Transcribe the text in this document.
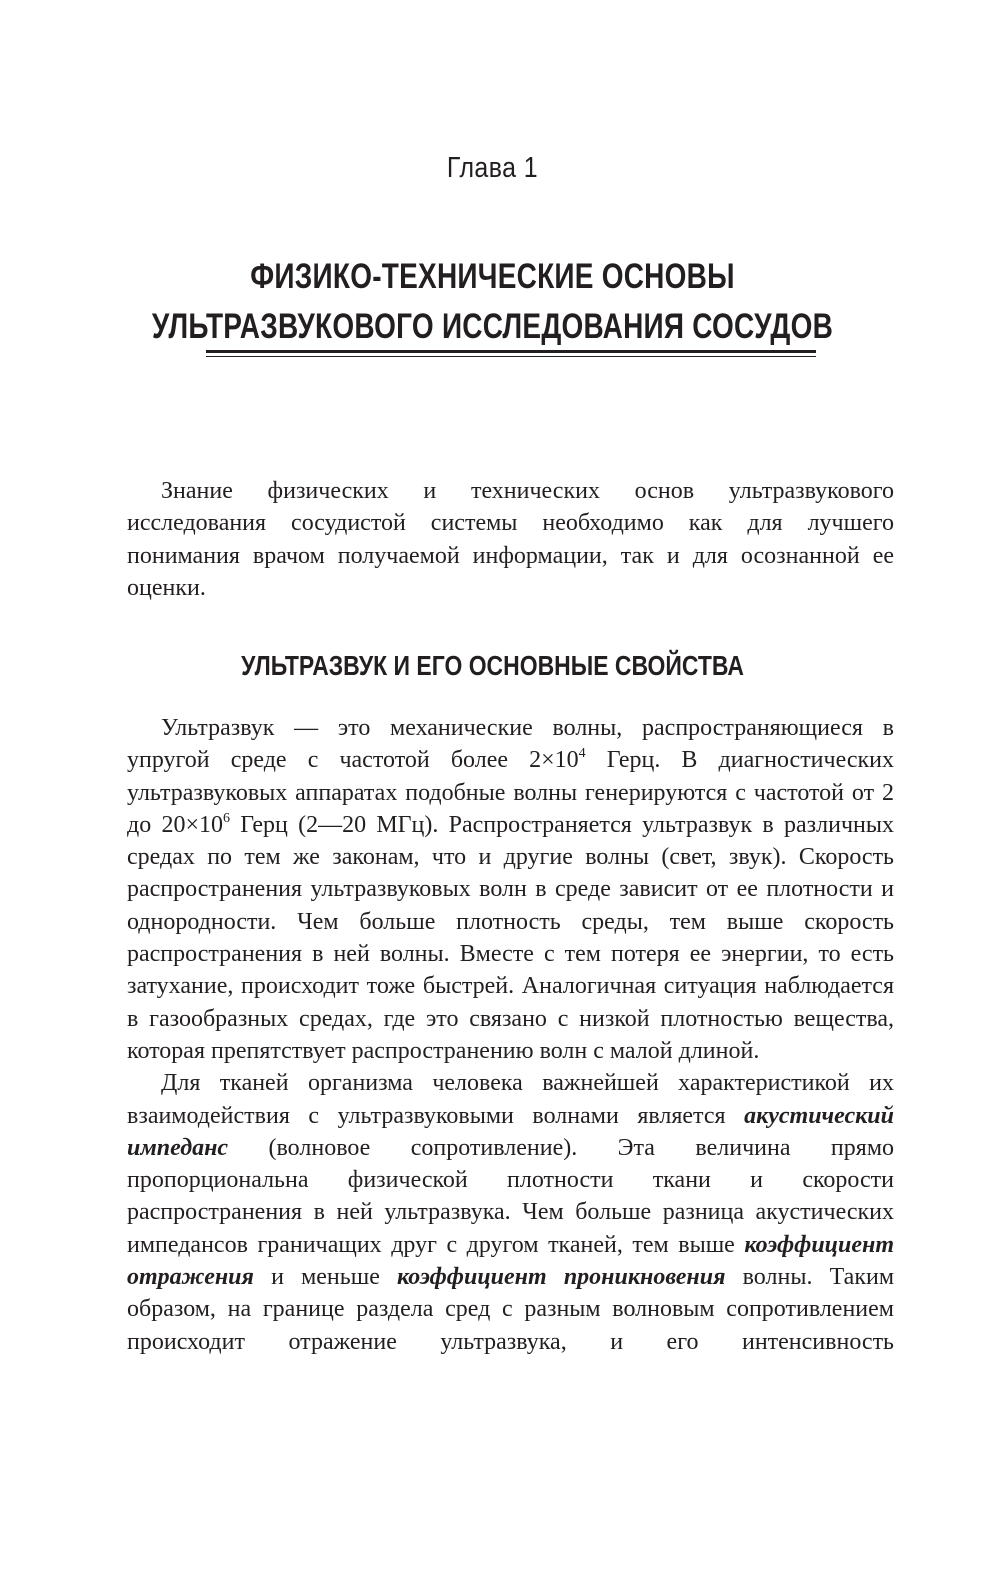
Глава 1
ФИЗИКО-ТЕХНИЧЕСКИЕ ОСНОВЫ
УЛЬТРАЗВУКОВОГО ИССЛЕДОВАНИЯ СОСУДОВ

Знание физических и технических основ ультразвукового исследования сосудистой системы необходимо как для лучшего понимания врачом получаемой информации, так и для осознанной ее оценки.

УЛЬТРАЗВУК И ЕГО ОСНОВНЫЕ СВОЙСТВА

Ультразвук — это механические волны, распространяющиеся в упругой среде с частотой более $2\times 10^4$ Герц. В диагностических ультразвуковых аппаратах подобные волны генерируются с частотой от 2 до $20\times 10^6$ Герц (2—20 МГц). Распространяется ультразвук в различных средах по тем же законам, что и другие волны (свет, звук). Скорость распространения ультразвуковых волн в среде зависит от ее плотности и однородности. Чем больше плотность среды, тем выше скорость распространения в ней волны. Вместе с тем потеря ее энергии, то есть затухание, происходит тоже быстрей. Аналогичная ситуация наблюдается в газообразных средах, где это связано с низкой плотностью вещества, которая препятствует распространению волн с малой длиной.

Для тканей организма человека важнейшей характеристикой их взаимодействия с ультразвуковыми волнами является акустический импеданс (волновое сопротивление). Эта величина прямо пропорциональна физической плотности ткани и скорости распространения в ней ультразвука. Чем больше разница акустических импедансов граничащих друг с другом тканей, тем выше коэффициент отражения и меньше коэффициент проникновения волны. Таким образом, на границе раздела сред с разным волновым сопротивлением происходит отражение ультразвука, и его интенсивность
